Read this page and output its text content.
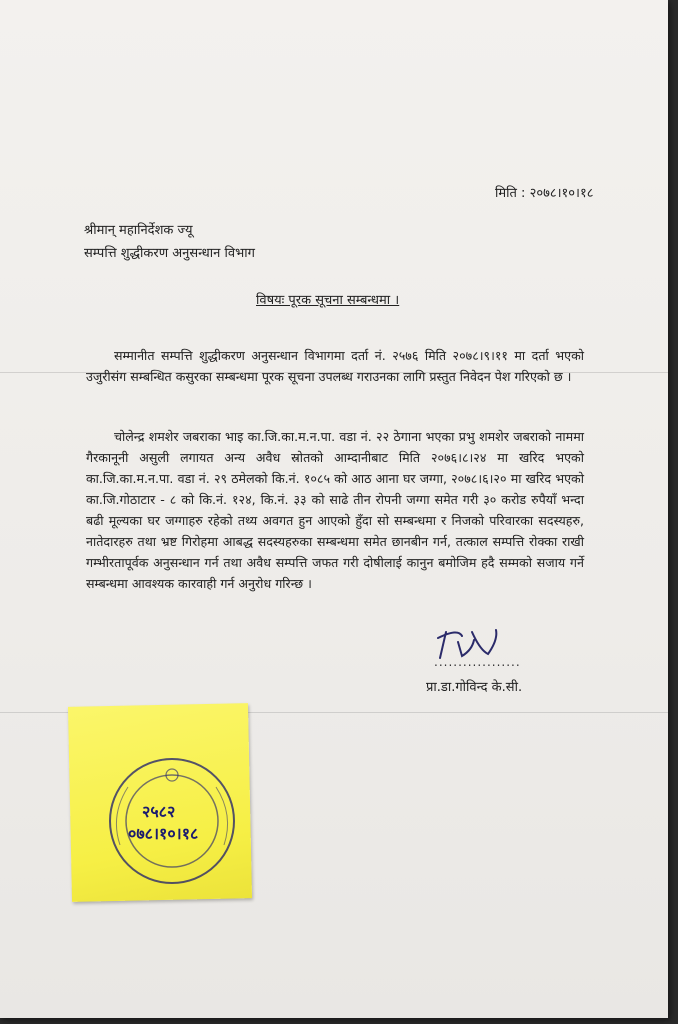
मिति : २०७८।१०।१८
श्रीमान् महानिर्देशक ज्यू
सम्पत्ति शुद्धीकरण अनुसन्धान विभाग
विषयः पूरक सूचना सम्बन्धमा ।
सम्मानीत सम्पत्ति शुद्धीकरण अनुसन्धान विभागमा दर्ता नं. २५७६ मिति २०७८।९।११ मा दर्ता भएको उजुरीसंग सम्बन्धित कसुरका सम्बन्धमा पूरक सूचना उपलब्ध गराउनका लागि प्रस्तुत निवेदन पेश गरिएको छ ।
चोलेन्द्र शमशेर जबराका भाइ का.जि.का.म.न.पा. वडा नं. २२ ठेगाना भएका प्रभु शमशेर जबराको नाममा गैरकानूनी असुली लगायत अन्य अवैध स्रोतको आम्दानीबाट मिति २०७६।८।२४ मा खरिद भएको का.जि.का.म.न.पा. वडा नं. २९ ठमेलको कि.नं. १०८५ को आठ आना घर जग्गा, २०७८।६।२० मा खरिद भएको का.जि.गोठाटार - ८ को कि.नं. १२४, कि.नं. ३३ को साढे तीन रोपनी जग्गा समेत गरी ३० करोड रुपैयाँ भन्दा बढी मूल्यका घर जग्गाहरु रहेको तथ्य अवगत हुन आएको हुँदा सो सम्बन्धमा र निजको परिवारका सदस्यहरु, नातेदारहरु तथा भ्रष्ट गिरोहमा आबद्ध सदस्यहरुका सम्बन्धमा समेत छानबीन गर्न, तत्काल सम्पत्ति रोक्का राखी गम्भीरतापूर्वक अनुसन्धान गर्न तथा अवैध सम्पत्ति जफत गरी दोषीलाई कानुन बमोजिम हदै सम्मको सजाय गर्ने सम्बन्धमा आवश्यक कारवाही गर्न अनुरोध गरिन्छ ।
..................
प्रा.डा.गोविन्द के.सी.
२५८२
०७८।१०।१८
